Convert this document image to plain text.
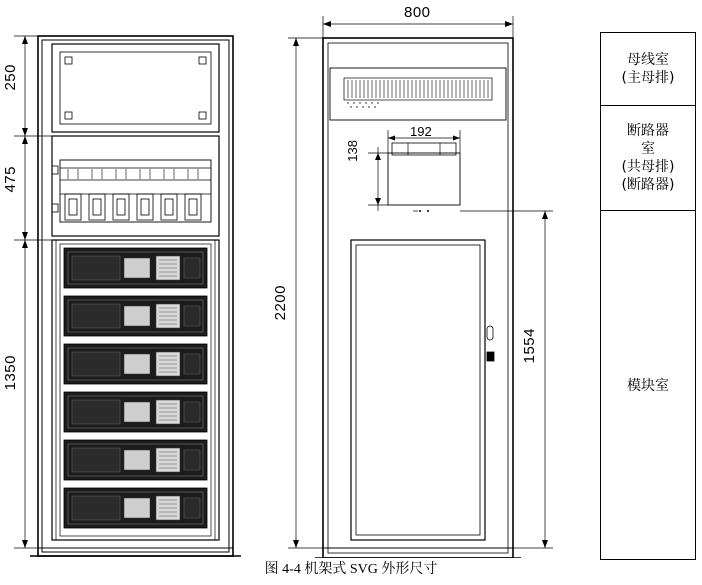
250
475
1350
800
192
138
2200
1554
母线室
(主母排)
断路器
室
(共母排)
(断路器)
模块室
图 4-4 机架式 SVG 外形尺寸
